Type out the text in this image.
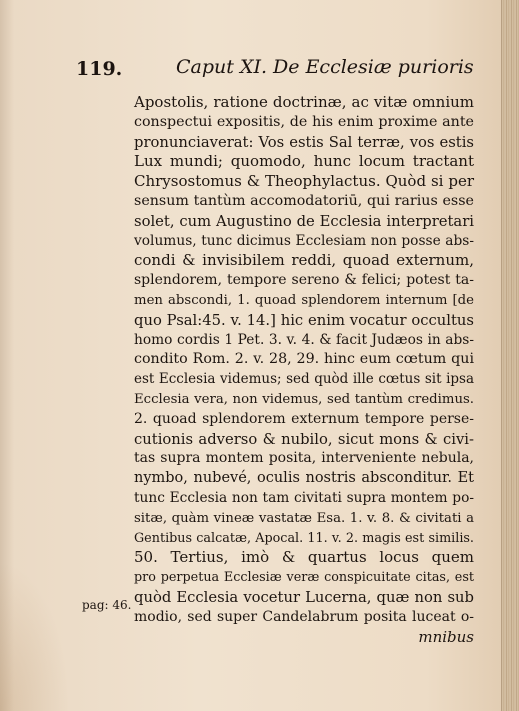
119.	Caput XI. De Ecclesiæ purioris
Apostolis, ratione doctrinæ, ac vitæ omnium
conspectui expositis, de his enim proxime ante
pronunciaverat: Vos estis Sal terræ, vos estis
Lux mundi; quomodo, hunc locum tractant
Chrysostomus & Theophylactus. Quòd si per
sensum tantùm accomodatoriū, qui rarius esse
solet, cum Augustino de Ecclesia interpretari
volumus, tunc dicimus Ecclesiam non posse abs-
condi & invisibilem reddi, quoad externum,
splendorem, tempore sereno & felici; potest ta-
men abscondi, 1. quoad splendorem internum [de
quo Psal:45. v. 14.] hic enim vocatur occultus
homo cordis 1 Pet. 3. v. 4. & facit Judæos in abs-
condito Rom. 2. v. 28, 29. hinc eum cœtum qui
est Ecclesia videmus; sed quòd ille cœtus sit ipsa
Ecclesia vera, non videmus, sed tantùm credimus.
2. quoad splendorem externum tempore perse-
cutionis adverso & nubilo, sicut mons & civi-
tas supra montem posita, interveniente nebula,
nymbo, nubevé, oculis nostris absconditur. Et
tunc Ecclesia non tam civitati supra montem po-
sitæ, quàm vineæ vastatæ Esa. 1. v. 8. & civitati a
Gentibus calcatæ, Apocal. 11. v. 2. magis est similis.
50. Tertius, imò & quartus locus quem
pro perpetua Ecclesiæ veræ conspicuitate citas, est
quòd Ecclesia vocetur Lucerna, quæ non sub
modio, sed super Candelabrum posita luceat o-
mnibus
pag: 46.
